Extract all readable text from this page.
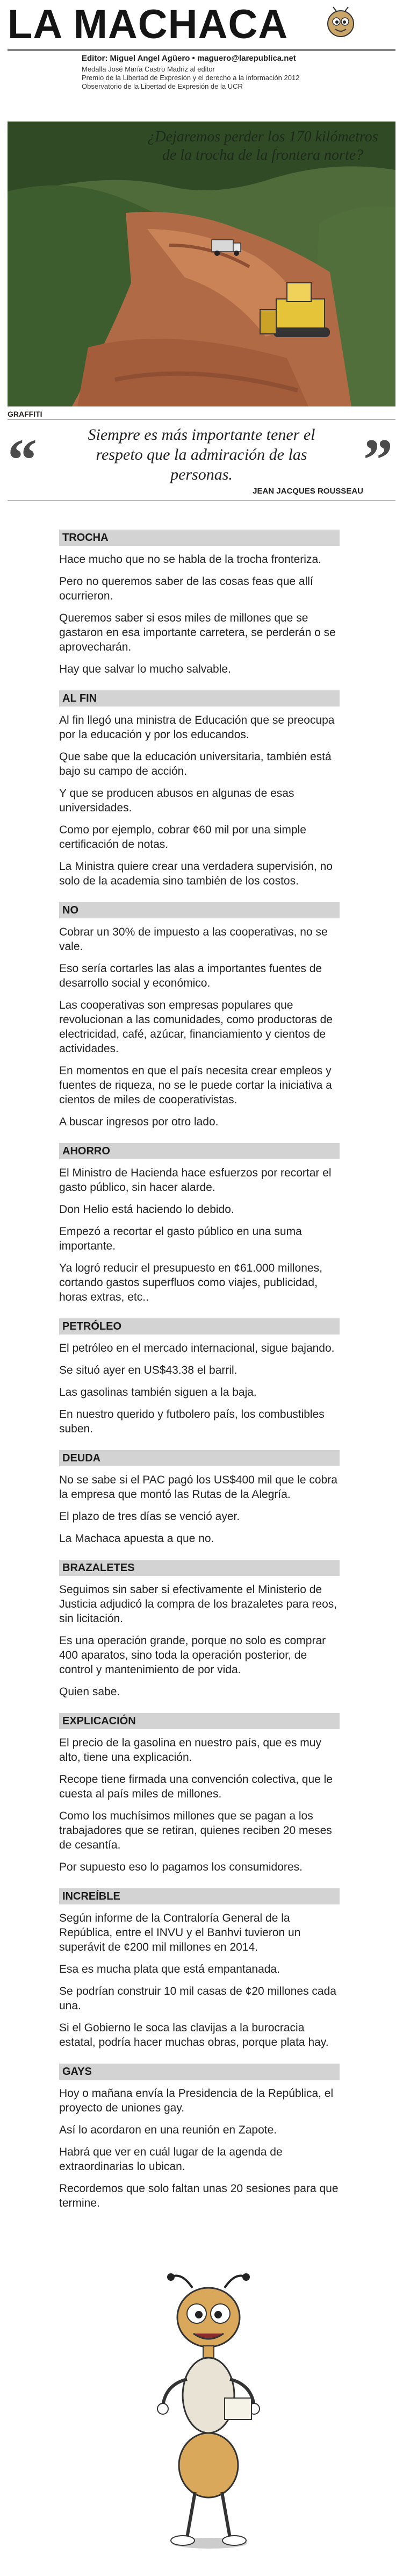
LA MACHACA
Editor: Miguel Angel Agüero • maguero@larepublica.net
Medalla José María Castro Madriz al editor
Premio de la Libertad de Expresión y el derecho a la información 2012
Observatorio de la Libertad de Expresión de la UCR
¿Dejaremos perder los 170 kilómetros de la trocha de la frontera norte?
GRAFFITI
“	”
Siempre es más importante tener el respeto que la admiración de las personas.
JEAN JACQUES ROUSSEAU
TROCHA

Hace mucho que no se habla de la trocha fronteriza.

Pero no queremos saber de las cosas feas que allí ocurrieron.

Queremos saber si esos miles de millones que se gastaron en esa importante carretera, se perderán o se aprovecharán.

Hay que salvar lo mucho salvable.

AL FIN

Al fin llegó una ministra de Educación que se preocupa por la educación y por los educandos.

Que sabe que la educación universitaria, también está bajo su campo de acción.

Y que se producen abusos en algunas de esas universidades.

Como por ejemplo, cobrar ¢60 mil por una simple certificación de notas.

La Ministra quiere crear una verdadera supervisión, no solo de la academia sino también de los costos.

NO

Cobrar un 30% de impuesto a las cooperativas, no se vale.

Eso sería cortarles las alas a importantes fuentes de desarrollo social y económico.

Las cooperativas son empresas populares que revolucionan a las comunidades, como productoras de electricidad, café, azúcar, financiamiento y cientos de actividades.

En momentos en que el país necesita crear empleos y fuentes de riqueza, no se le puede cortar la iniciativa a cientos de miles de cooperativistas.

A buscar ingresos por otro lado.

AHORRO

El Ministro de Hacienda hace esfuerzos por recortar el gasto público, sin hacer alarde.

Don Helio está haciendo lo debido.

Empezó a recortar el gasto público en una suma importante.

Ya logró reducir el presupuesto en ¢61.000 millones, cortando gastos superfluos como viajes, publicidad, horas extras, etc..

PETRÓLEO

El petróleo en el mercado internacional, sigue bajando.

Se situó ayer en US$43.38 el barril.

Las gasolinas también siguen a la baja.

En nuestro querido y futbolero país, los combustibles suben.

DEUDA

No se sabe si el PAC pagó los US$400 mil que le cobra la empresa que montó las Rutas de la Alegría.

El plazo de tres días se venció ayer.

La Machaca apuesta a que no.

BRAZALETES

Seguimos sin saber si efectivamente el Ministerio de Justicia adjudicó la compra de los brazaletes para reos, sin licitación.

Es una operación grande, porque no solo es comprar 400 aparatos, sino toda la operación posterior, de control y mantenimiento de por vida.

Quien sabe.

EXPLICACIÓN

El precio de la gasolina en nuestro país, que es muy alto, tiene una explicación.

Recope tiene firmada una convención colectiva, que le cuesta al país miles de millones.

Como los muchísimos millones que se pagan a los trabajadores que se retiran, quienes reciben 20 meses de cesantía.

Por supuesto eso lo pagamos los consumidores.

INCREÍBLE

Según informe de la Contraloría General de la República, entre el INVU y el Banhvi tuvieron un superávit de ¢200 mil millones en 2014.

Esa es mucha plata que está empantanada.

Se podrían construir 10 mil casas de ¢20 millones cada una.

Si el Gobierno le soca las clavijas a la burocracia estatal, podría hacer muchas obras, porque plata hay.

GAYS

Hoy o mañana envía la Presidencia de la República, el proyecto de uniones gay.

Así lo acordaron en una reunión en Zapote.

Habrá que ver en cuál lugar de la agenda de extraordinarias lo ubican.

Recordemos que solo faltan unas 20 sesiones para que termine.
